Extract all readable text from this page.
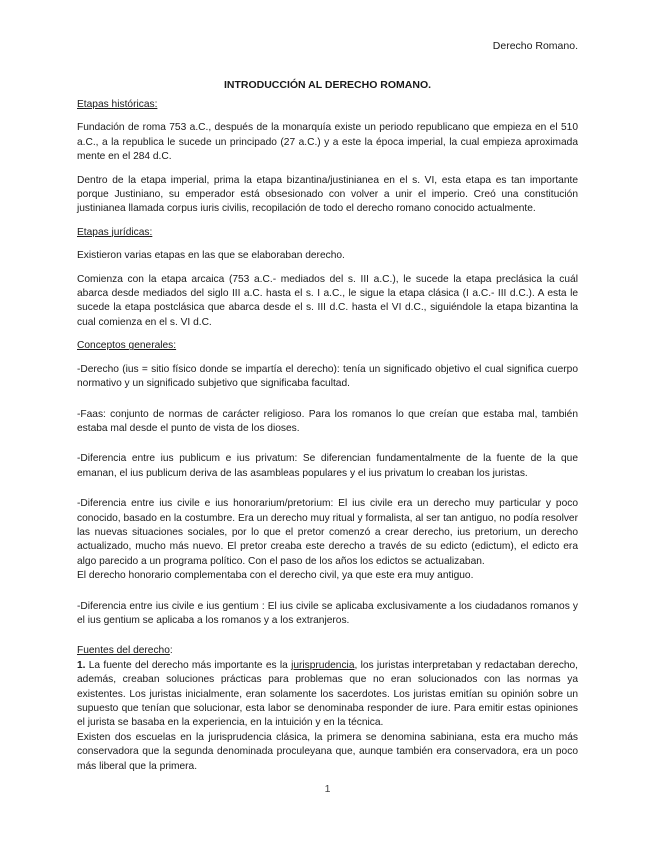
Derecho Romano.
INTRODUCCIÓN AL DERECHO ROMANO.
Etapas históricas:
Fundación de roma 753 a.C., después de la monarquía existe un periodo republicano que empieza en el 510 a.C., a la republica le sucede un principado (27 a.C.) y a este la época imperial, la cual empieza aproximada mente en el 284 d.C.
Dentro de la etapa imperial, prima la etapa bizantina/justinianea en el s. VI, esta etapa es tan importante porque Justiniano, su emperador está obsesionado con volver a unir el imperio. Creó una constitución justinianea llamada corpus iuris civilis, recopilación de todo el derecho romano conocido actualmente.
Etapas jurídicas:
Existieron varias etapas en las que se elaboraban derecho.
Comienza con la etapa arcaica (753 a.C.- mediados del s. III a.C.), le sucede la etapa preclásica la cuál abarca desde mediados del siglo III a.C. hasta el s. I a.C., le sigue la etapa clásica (I a.C.- III d.C.). A esta le sucede la etapa postclásica que abarca desde el s. III d.C. hasta el VI d.C., siguiéndole la etapa bizantina la cual comienza en el s. VI d.C.
Conceptos generales:
-Derecho (ius = sitio físico donde se impartía el derecho): tenía un significado objetivo el cual significa cuerpo normativo y un significado subjetivo que significaba facultad.
-Faas: conjunto de normas de carácter religioso. Para los romanos lo que creían que estaba mal, también estaba mal desde el punto de vista de los dioses.
-Diferencia entre ius publicum e ius privatum: Se diferencian fundamentalmente de la fuente de la que emanan, el ius publicum deriva de las asambleas populares y el ius privatum lo creaban los juristas.
-Diferencia entre ius civile e ius honorarium/pretorium: El ius civile era un derecho muy particular y poco conocido, basado en la costumbre. Era un derecho muy ritual y formalista, al ser tan antiguo, no podía resolver las nuevas situaciones sociales, por lo que el pretor comenzó a crear derecho, ius pretorium, un derecho actualizado, mucho más nuevo. El pretor creaba este derecho a través de su edicto (edictum), el edicto era algo parecido a un programa político. Con el paso de los años los edictos se actualizaban.
El derecho honorario complementaba con el derecho civil, ya que este era muy antiguo.
-Diferencia entre ius civile e ius gentium : El ius civile se aplicaba exclusivamente a los ciudadanos romanos y el ius gentium se aplicaba a los romanos y a los extranjeros.
Fuentes del derecho:
1. La fuente del derecho más importante es la jurisprudencia, los juristas interpretaban y redactaban derecho, además, creaban soluciones prácticas para problemas que no eran solucionados con las normas ya existentes. Los juristas inicialmente, eran solamente los sacerdotes. Los juristas emitían su opinión sobre un supuesto que tenían que solucionar, esta labor se denominaba responder de iure. Para emitir estas opiniones el jurista se basaba en la experiencia, en la intuición y en la técnica.
Existen dos escuelas en la jurisprudencia clásica, la primera se denomina sabiniana, esta era mucho más conservadora que la segunda denominada proculeyana que, aunque también era conservadora, era un poco más liberal que la primera.
1
